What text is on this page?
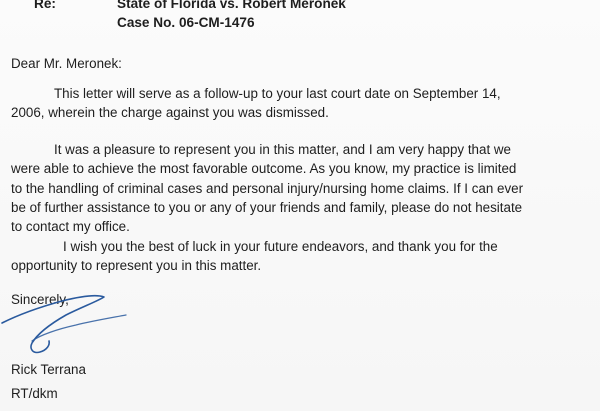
Re:	State of Florida vs. Robert Meronek
Case No. 06-CM-1476
Dear Mr. Meronek:
This letter will serve as a follow-up to your last court date on September 14,
2006, wherein the charge against you was dismissed.
It was a pleasure to represent you in this matter, and I am very happy that we
were able to achieve the most favorable outcome. As you know, my practice is limited
to the handling of criminal cases and personal injury/nursing home claims. If I can ever
be of further assistance to you or any of your friends and family, please do not hesitate
to contact my office.
I wish you the best of luck in your future endeavors, and thank you for the
opportunity to represent you in this matter.
Sincerely,
Rick Terrana
RT/dkm
